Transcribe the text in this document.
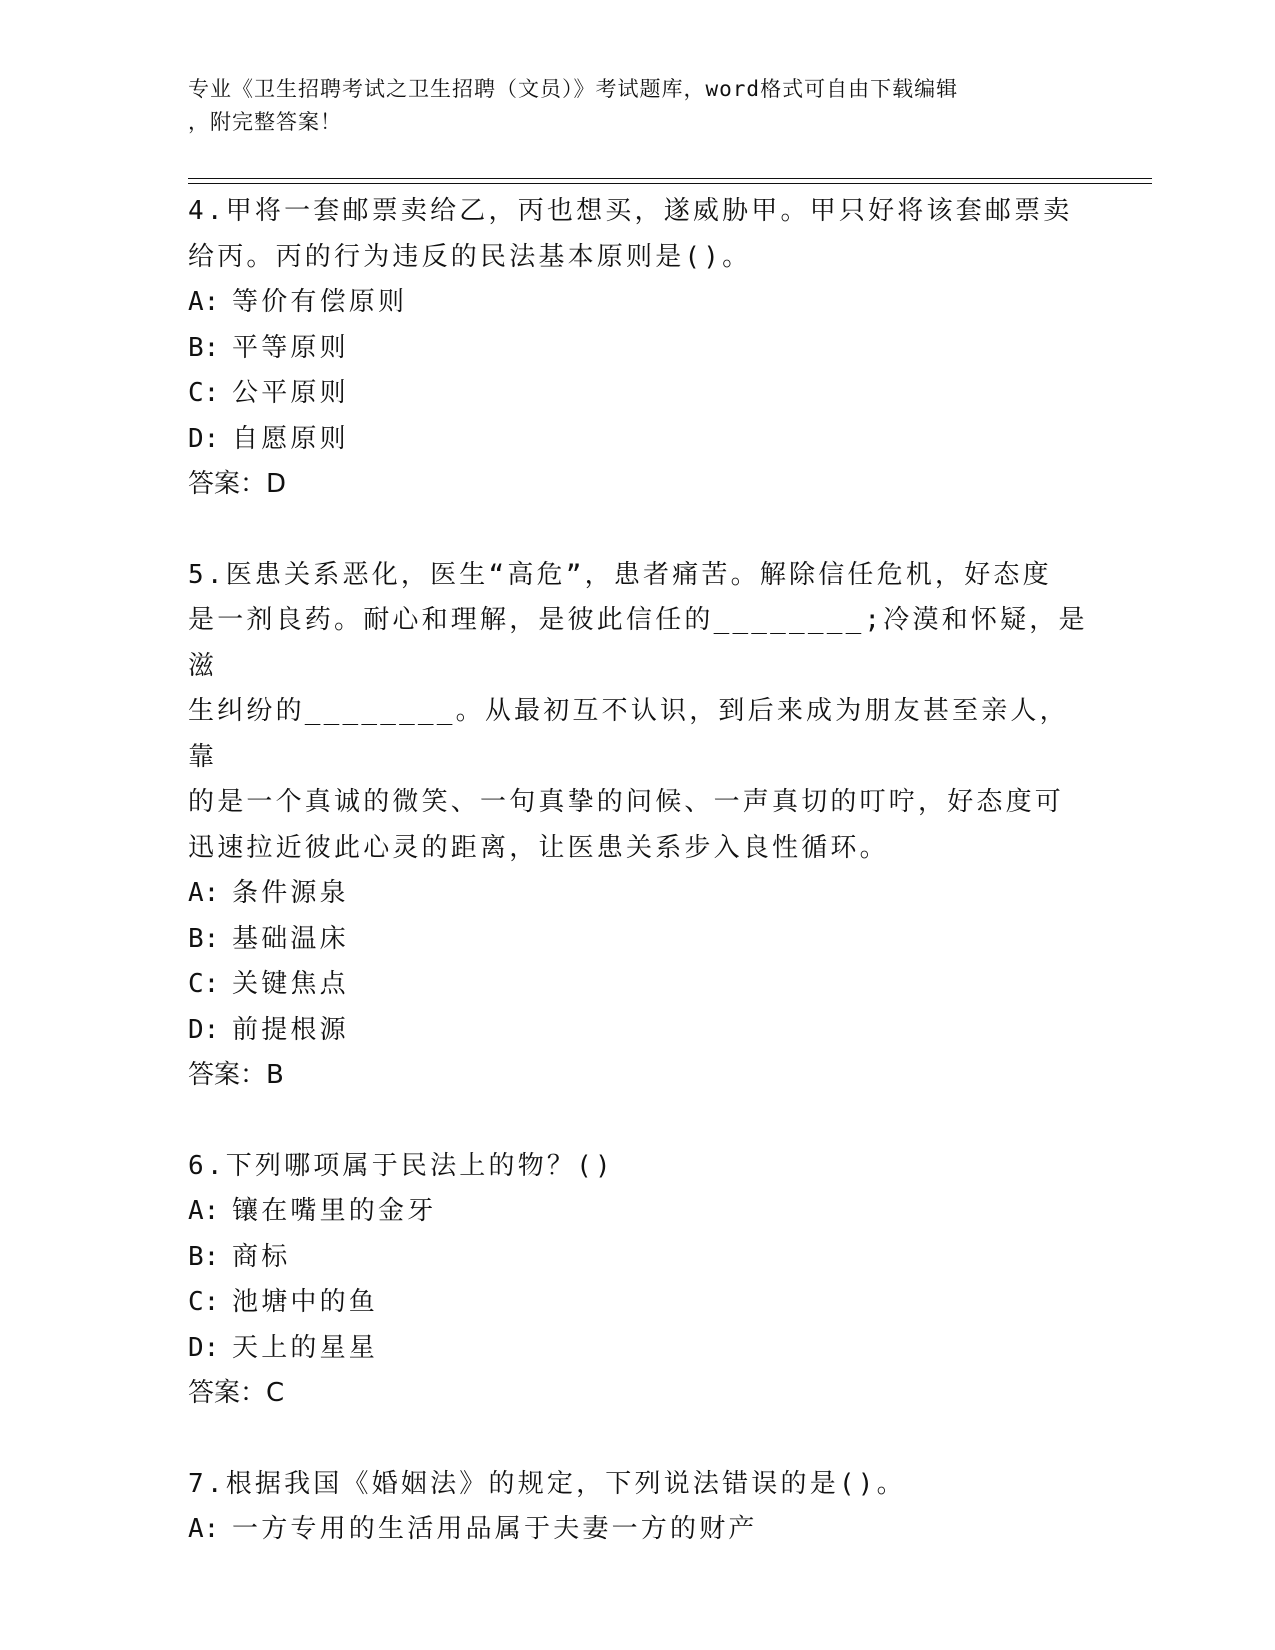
专业《卫生招聘考试之卫生招聘（文员）》考试题库，word格式可自由下载编辑
，附完整答案！
4.甲将一套邮票卖给乙，丙也想买，遂威胁甲。甲只好将该套邮票卖
给丙。丙的行为违反的民法基本原则是()。
A: 等价有偿原则
B: 平等原则
C: 公平原则
D: 自愿原则
答案：D
5.医患关系恶化，医生“高危”，患者痛苦。解除信任危机，好态度
是一剂良药。耐心和理解，是彼此信任的________;冷漠和怀疑，是滋
生纠纷的________。从最初互不认识，到后来成为朋友甚至亲人，靠
的是一个真诚的微笑、一句真挚的问候、一声真切的叮咛，好态度可
迅速拉近彼此心灵的距离，让医患关系步入良性循环。
A: 条件源泉
B: 基础温床
C: 关键焦点
D: 前提根源
答案：B
6.下列哪项属于民法上的物？()
A: 镶在嘴里的金牙
B: 商标
C: 池塘中的鱼
D: 天上的星星
答案：C
7.根据我国《婚姻法》的规定，下列说法错误的是()。
A: 一方专用的生活用品属于夫妻一方的财产
